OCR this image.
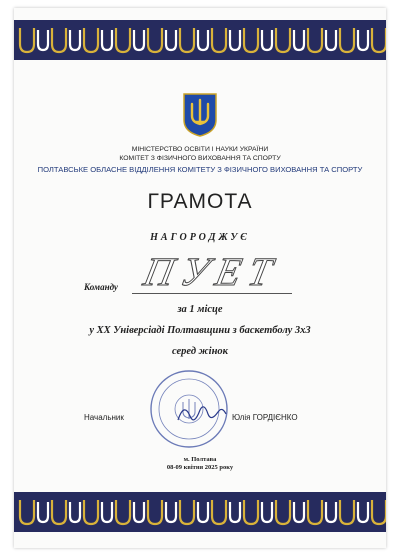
МІНІСТЕРСТВО ОСВІТИ І НАУКИ УКРАЇНИ
КОМІТЕТ З ФІЗИЧНОГО ВИХОВАННЯ ТА СПОРТУ
ПОЛТАВСЬКЕ ОБЛАСНЕ ВІДДІЛЕННЯ КОМІТЕТУ З ФІЗИЧНОГО ВИХОВАННЯ ТА СПОРТУ
ГРАМОТА
НАГОРОДЖУЄ
Команду ПУЕТ
за 1 місце
у XX Універсіаді Полтавщини з баскетболу 3х3
серед жінок
Начальник	Юлія ГОРДІЄНКО
м. Полтава
08-09 квітня 2025 року
